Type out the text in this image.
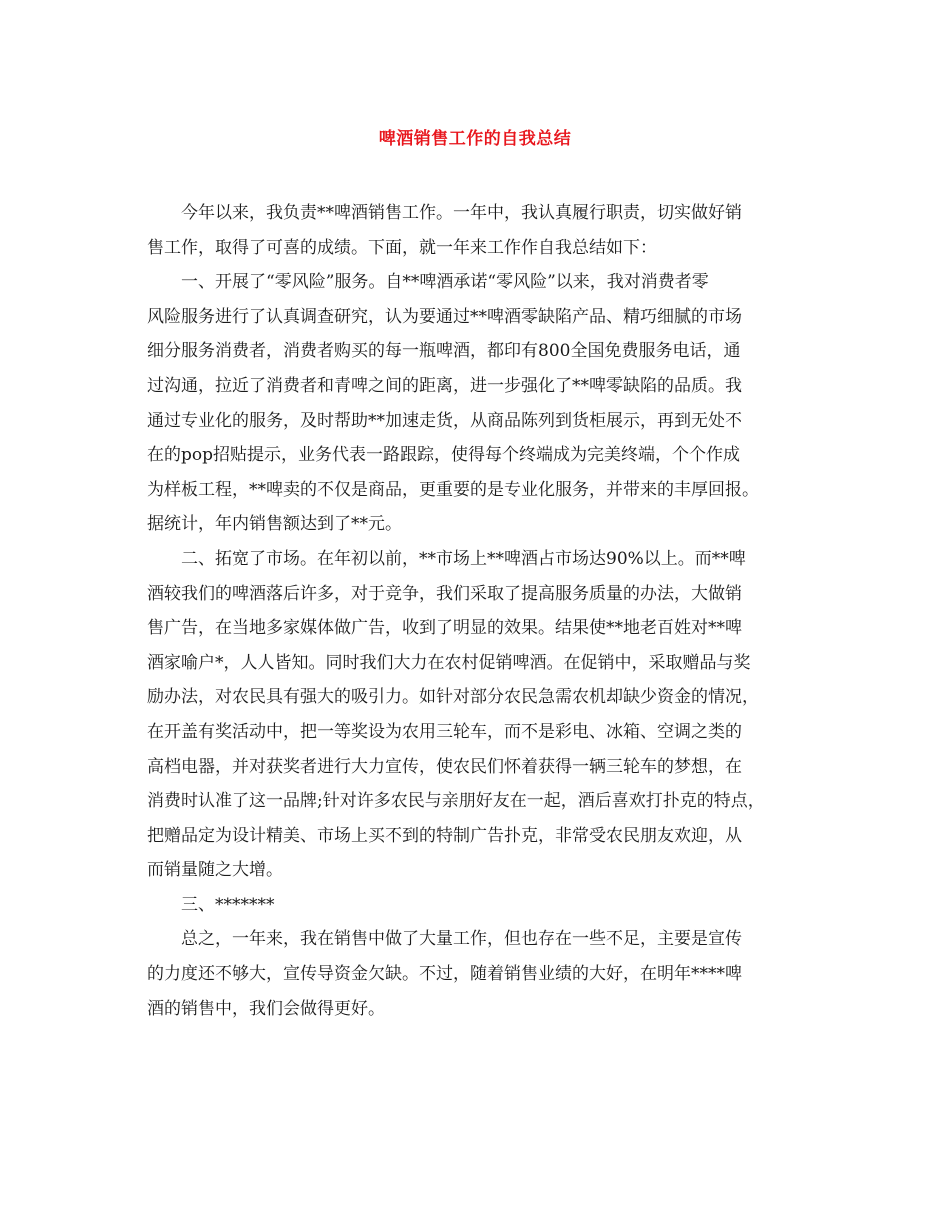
啤酒销售工作的自我总结
今年以来，我负责**啤酒销售工作。一年中，我认真履行职责，切实做好销
售工作，取得了可喜的成绩。下面，就一年来工作作自我总结如下：
一、开展了“零风险”服务。自**啤酒承诺“零风险”以来，我对消费者零
风险服务进行了认真调查研究，认为要通过**啤酒零缺陷产品、精巧细腻的市场
细分服务消费者，消费者购买的每一瓶啤酒，都印有800全国免费服务电话，通
过沟通，拉近了消费者和青啤之间的距离，进一步强化了**啤零缺陷的品质。我
通过专业化的服务，及时帮助**加速走货，从商品陈列到货柜展示，再到无处不
在的pop招贴提示，业务代表一路跟踪，使得每个终端成为完美终端，个个作成
为样板工程，**啤卖的不仅是商品，更重要的是专业化服务，并带来的丰厚回报。
据统计，年内销售额达到了**元。
二、拓宽了市场。在年初以前，**市场上**啤酒占市场达90%以上。而**啤
酒较我们的啤酒落后许多，对于竞争，我们采取了提高服务质量的办法，大做销
售广告，在当地多家媒体做广告，收到了明显的效果。结果使**地老百姓对**啤
酒家喻户*，人人皆知。同时我们大力在农村促销啤酒。在促销中，采取赠品与奖
励办法，对农民具有强大的吸引力。如针对部分农民急需农机却缺少资金的情况，
在开盖有奖活动中，把一等奖设为农用三轮车，而不是彩电、冰箱、空调之类的
高档电器，并对获奖者进行大力宣传，使农民们怀着获得一辆三轮车的梦想，在
消费时认准了这一品牌;针对许多农民与亲朋好友在一起，酒后喜欢打扑克的特点，
把赠品定为设计精美、市场上买不到的特制广告扑克，非常受农民朋友欢迎，从
而销量随之大增。
三、*******
总之，一年来，我在销售中做了大量工作，但也存在一些不足，主要是宣传
的力度还不够大，宣传导资金欠缺。不过，随着销售业绩的大好，在明年****啤
酒的销售中，我们会做得更好。
